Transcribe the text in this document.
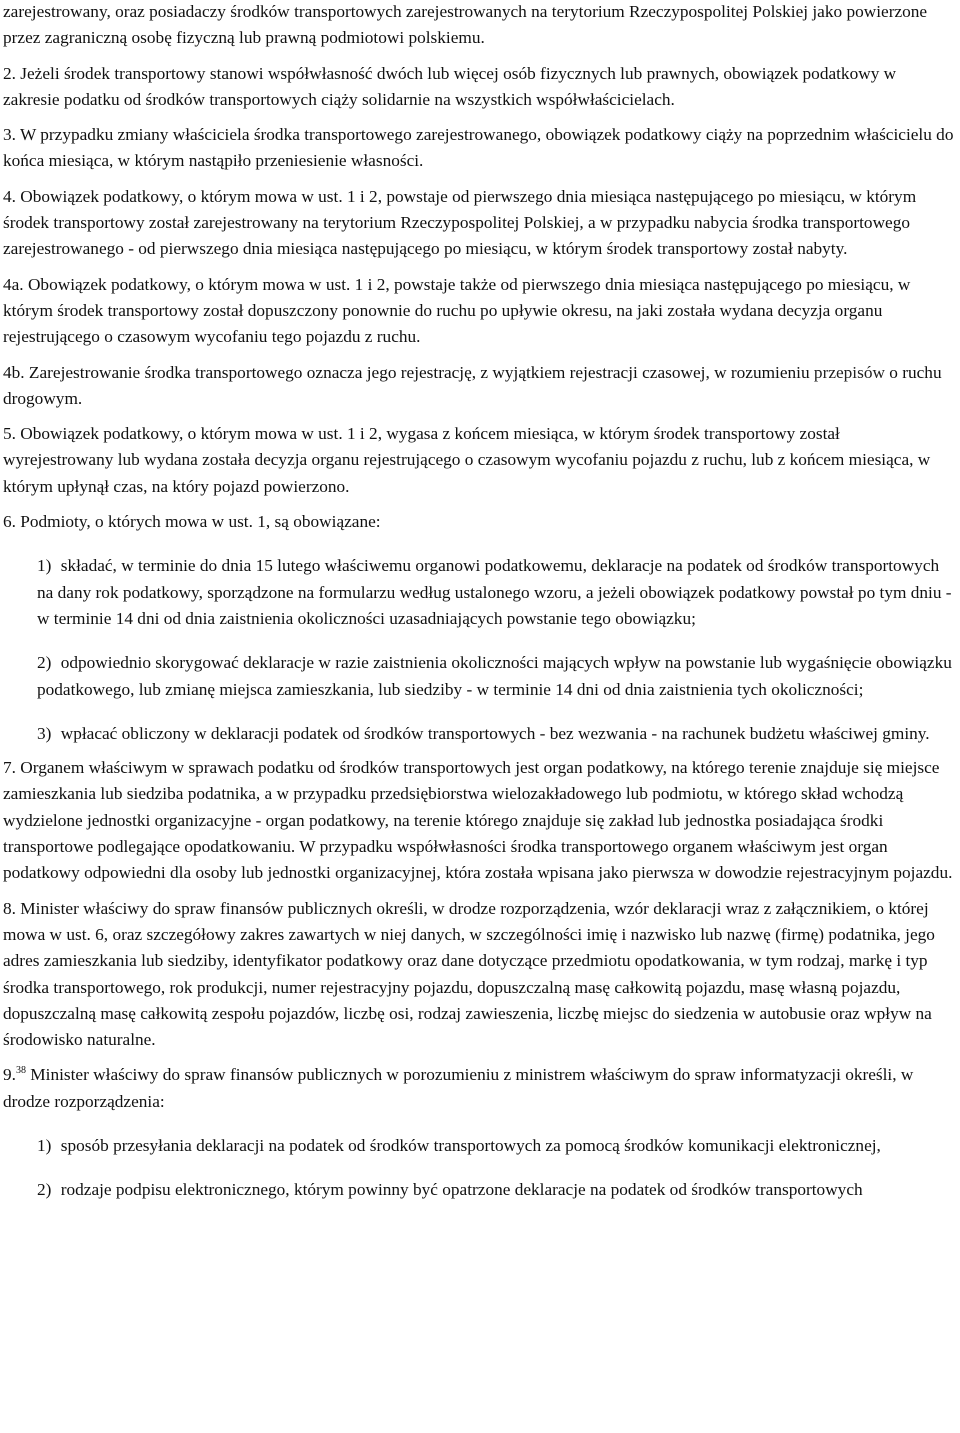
zarejestrowany, oraz posiadaczy środków transportowych zarejestrowanych na terytorium Rzeczypospolitej Polskiej jako powierzone przez zagraniczną osobę fizyczną lub prawną podmiotowi polskiemu.

2. Jeżeli środek transportowy stanowi współwłasność dwóch lub więcej osób fizycznych lub prawnych, obowiązek podatkowy w zakresie podatku od środków transportowych ciąży solidarnie na wszystkich współwłaścicielach.

3. W przypadku zmiany właściciela środka transportowego zarejestrowanego, obowiązek podatkowy ciąży na poprzednim właścicielu do końca miesiąca, w którym nastąpiło przeniesienie własności.

4. Obowiązek podatkowy, o którym mowa w ust. 1 i 2, powstaje od pierwszego dnia miesiąca następującego po miesiącu, w którym środek transportowy został zarejestrowany na terytorium Rzeczypospolitej Polskiej, a w przypadku nabycia środka transportowego zarejestrowanego - od pierwszego dnia miesiąca następującego po miesiącu, w którym środek transportowy został nabyty.

4a. Obowiązek podatkowy, o którym mowa w ust. 1 i 2, powstaje także od pierwszego dnia miesiąca następującego po miesiącu, w którym środek transportowy został dopuszczony ponownie do ruchu po upływie okresu, na jaki została wydana decyzja organu rejestrującego o czasowym wycofaniu tego pojazdu z ruchu.

4b. Zarejestrowanie środka transportowego oznacza jego rejestrację, z wyjątkiem rejestracji czasowej, w rozumieniu przepisów o ruchu drogowym.

5. Obowiązek podatkowy, o którym mowa w ust. 1 i 2, wygasa z końcem miesiąca, w którym środek transportowy został wyrejestrowany lub wydana została decyzja organu rejestrującego o czasowym wycofaniu pojazdu z ruchu, lub z końcem miesiąca, w którym upłynął czas, na który pojazd powierzono.

6. Podmioty, o których mowa w ust. 1, są obowiązane:

1) składać, w terminie do dnia 15 lutego właściwemu organowi podatkowemu, deklaracje na podatek od środków transportowych na dany rok podatkowy, sporządzone na formularzu według ustalonego wzoru, a jeżeli obowiązek podatkowy powstał po tym dniu - w terminie 14 dni od dnia zaistnienia okoliczności uzasadniających powstanie tego obowiązku;

2) odpowiednio skorygować deklaracje w razie zaistnienia okoliczności mających wpływ na powstanie lub wygaśnięcie obowiązku podatkowego, lub zmianę miejsca zamieszkania, lub siedziby - w terminie 14 dni od dnia zaistnienia tych okoliczności;

3) wpłacać obliczony w deklaracji podatek od środków transportowych - bez wezwania - na rachunek budżetu właściwej gminy.

7. Organem właściwym w sprawach podatku od środków transportowych jest organ podatkowy, na którego terenie znajduje się miejsce zamieszkania lub siedziba podatnika, a w przypadku przedsiębiorstwa wielozakładowego lub podmiotu, w którego skład wchodzą wydzielone jednostki organizacyjne - organ podatkowy, na terenie którego znajduje się zakład lub jednostka posiadająca środki transportowe podlegające opodatkowaniu. W przypadku współwłasności środka transportowego organem właściwym jest organ podatkowy odpowiedni dla osoby lub jednostki organizacyjnej, która została wpisana jako pierwsza w dowodzie rejestracyjnym pojazdu.

8. Minister właściwy do spraw finansów publicznych określi, w drodze rozporządzenia, wzór deklaracji wraz z załącznikiem, o której mowa w ust. 6, oraz szczegółowy zakres zawartych w niej danych, w szczególności imię i nazwisko lub nazwę (firmę) podatnika, jego adres zamieszkania lub siedziby, identyfikator podatkowy oraz dane dotyczące przedmiotu opodatkowania, w tym rodzaj, markę i typ środka transportowego, rok produkcji, numer rejestracyjny pojazdu, dopuszczalną masę całkowitą pojazdu, masę własną pojazdu, dopuszczalną masę całkowitą zespołu pojazdów, liczbę osi, rodzaj zawieszenia, liczbę miejsc do siedzenia w autobusie oraz wpływ na środowisko naturalne.

9.38 Minister właściwy do spraw finansów publicznych w porozumieniu z ministrem właściwym do spraw informatyzacji określi, w drodze rozporządzenia:

1) sposób przesyłania deklaracji na podatek od środków transportowych za pomocą środków komunikacji elektronicznej,

2) rodzaje podpisu elektronicznego, którym powinny być opatrzone deklaracje na podatek od środków transportowych
